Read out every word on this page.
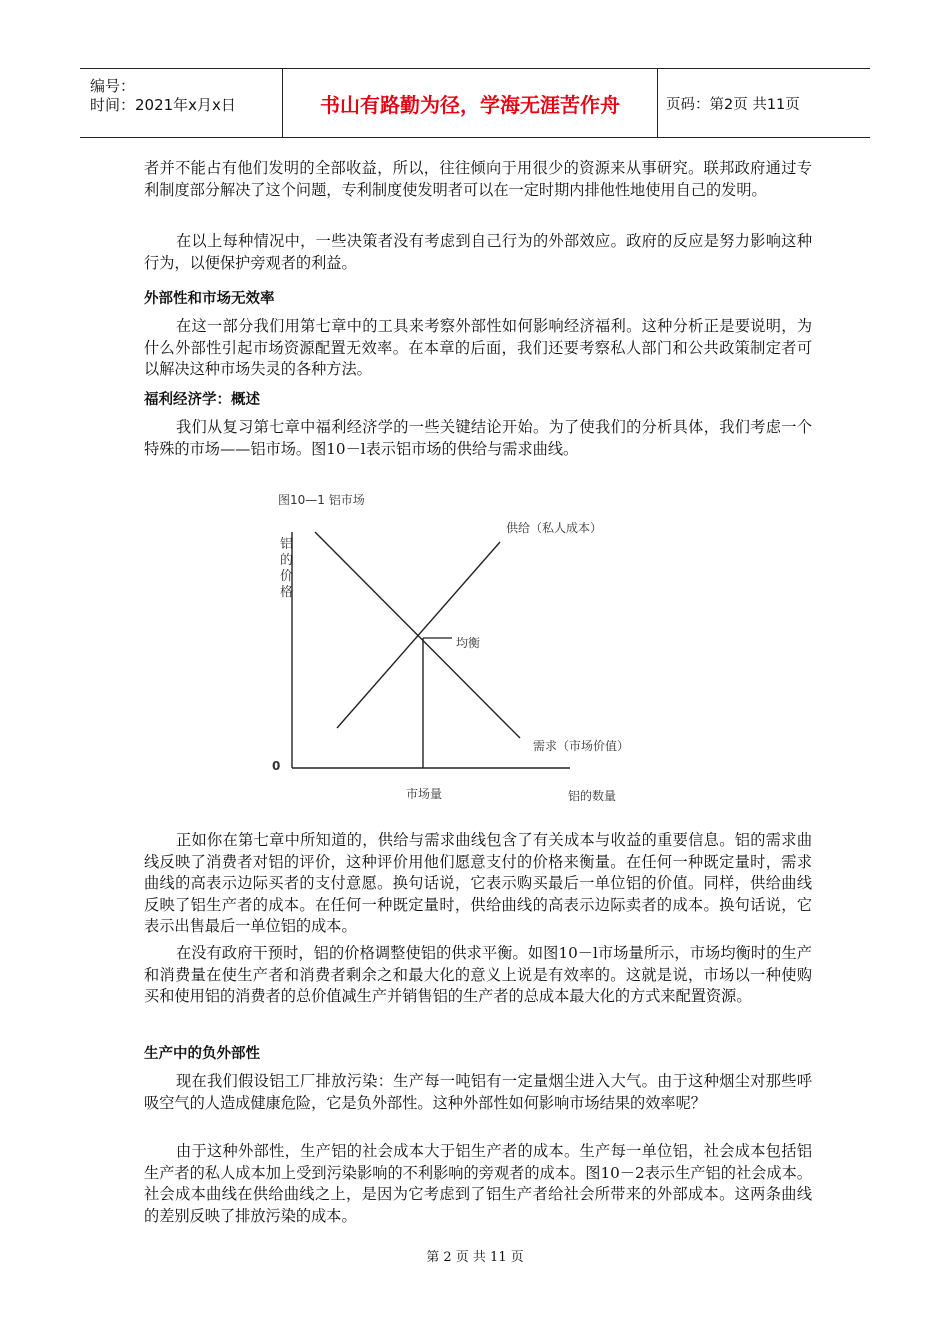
编号：
时间：2021年x月x日	书山有路勤为径，学海无涯苦作舟	页码：第2页 共11页

者并不能占有他们发明的全部收益，所以，往往倾向于用很少的资源来从事研究。联邦政府通过专利制度部分解决了这个问题，专利制度使发明者可以在一定时期内排他性地使用自己的发明。

在以上每种情况中，一些决策者没有考虑到自己行为的外部效应。政府的反应是努力影响这种行为，以便保护旁观者的利益。

外部性和市场无效率

在这一部分我们用第七章中的工具来考察外部性如何影响经济福利。这种分析正是要说明，为什么外部性引起市场资源配置无效率。在本章的后面，我们还要考察私人部门和公共政策制定者可以解决这种市场失灵的各种方法。

福利经济学：概述

我们从复习第七章中福利经济学的一些关键结论开始。为了使我们的分析具体，我们考虑一个特殊的市场——铝市场。图10－l表示铝市场的供给与需求曲线。

图10—1 铝市场
铝
的
价
格
0
均衡
供给（私人成本）
需求（市场价值）
市场量	铝的数量

正如你在第七章中所知道的，供给与需求曲线包含了有关成本与收益的重要信息。铝的需求曲线反映了消费者对铝的评价，这种评价用他们愿意支付的价格来衡量。在任何一种既定量时，需求曲线的高表示边际买者的支付意愿。换句话说，它表示购买最后一单位铝的价值。同样，供给曲线反映了铝生产者的成本。在任何一种既定量时，供给曲线的高表示边际卖者的成本。换句话说，它表示出售最后一单位铝的成本。

在没有政府干预时，铝的价格调整使铝的供求平衡。如图10－l市场量所示，市场均衡时的生产和消费量在使生产者和消费者剩余之和最大化的意义上说是有效率的。这就是说，市场以一种使购买和使用铝的消费者的总价值减生产并销售铝的生产者的总成本最大化的方式来配置资源。

生产中的负外部性

现在我们假设铝工厂排放污染：生产每一吨铝有一定量烟尘进入大气。由于这种烟尘对那些呼吸空气的人造成健康危险，它是负外部性。这种外部性如何影响市场结果的效率呢？

由于这种外部性，生产铝的社会成本大于铝生产者的成本。生产每一单位铝，社会成本包括铝生产者的私人成本加上受到污染影响的不利影响的旁观者的成本。图10－2表示生产铝的社会成本。社会成本曲线在供给曲线之上，是因为它考虑到了铝生产者给社会所带来的外部成本。这两条曲线的差别反映了排放污染的成本。

第 2 页 共 11 页
